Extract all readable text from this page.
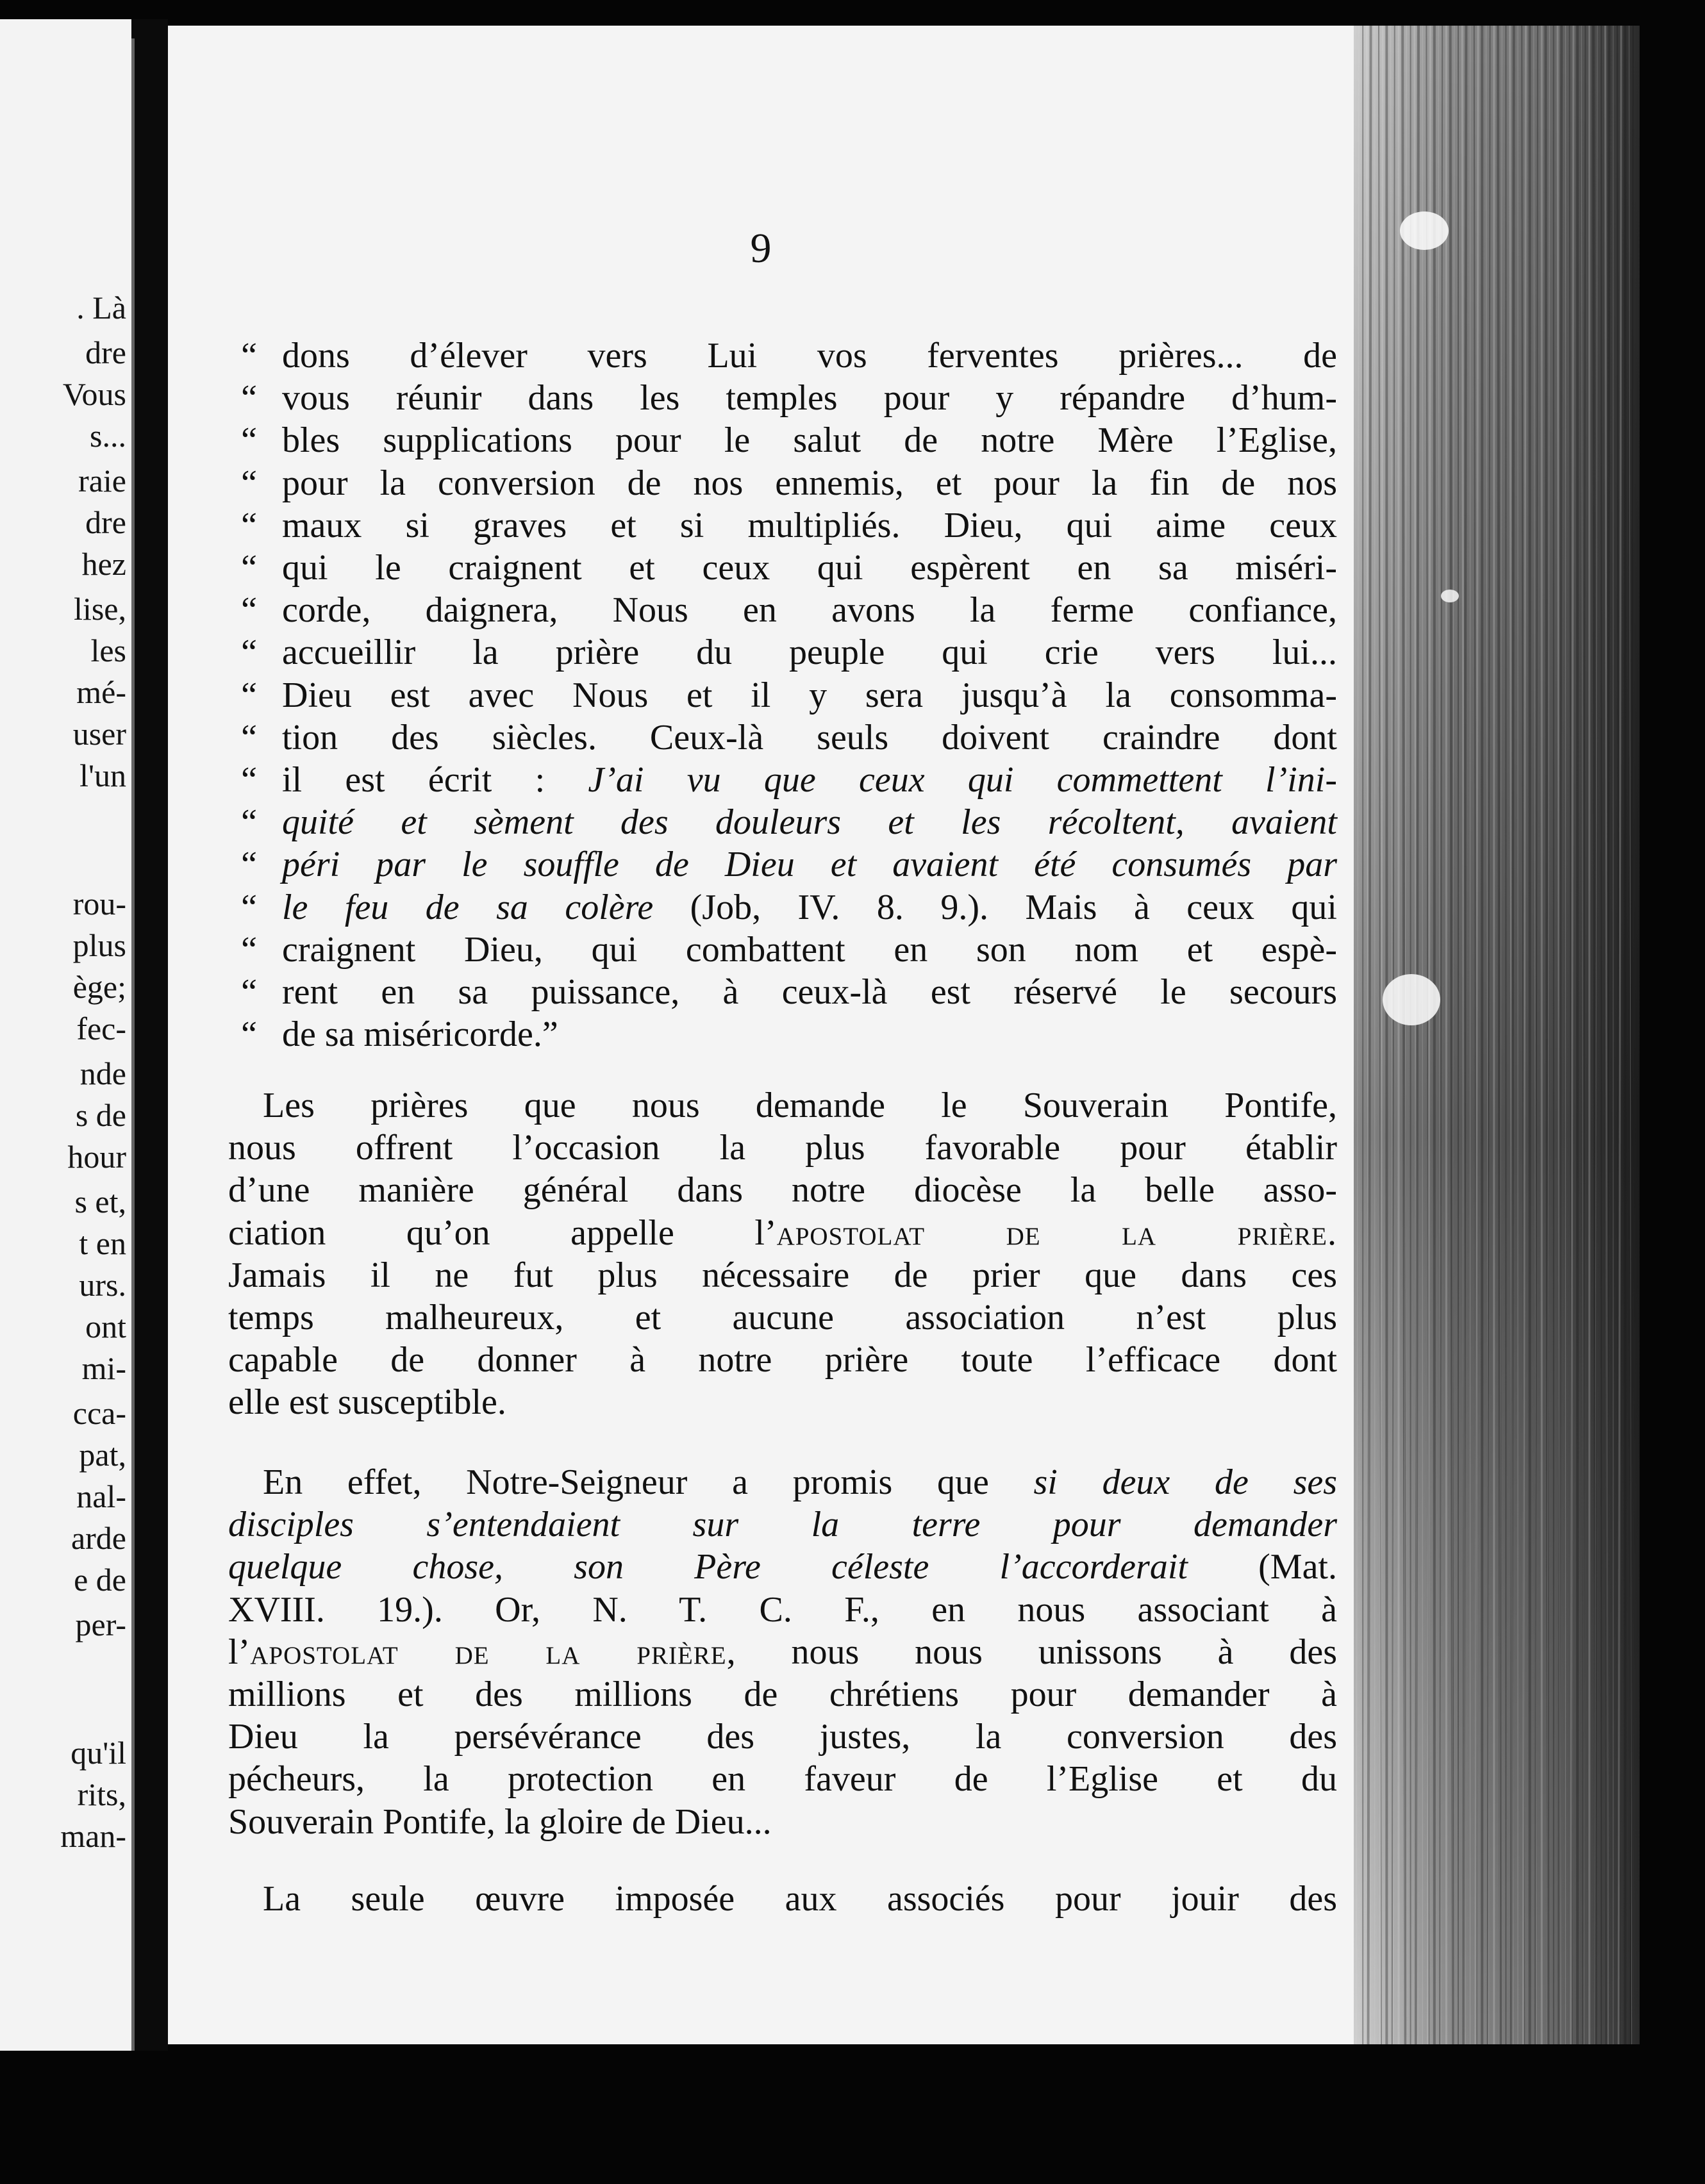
. Là
dre
Vous
s...
raie
dre
hez
lise,
les
mé-
user
l'un
rou-
plus
ège;
fec-
nde
s de
hour
s et,
t en
urs.
ont
mi-
cca-
pat,
nal-
arde
e de
per-
qu'il
rits,
man-
9
“ dons d’élever vers Lui vos ferventes prières... de
“ vous réunir dans les temples pour y répandre d’hum-
“ bles supplications pour le salut de notre Mère l’Eglise,
“ pour la conversion de nos ennemis, et pour la fin de nos
“ maux si graves et si multipliés. Dieu, qui aime ceux
“ qui le craignent et ceux qui espèrent en sa miséri-
“ corde, daignera, Nous en avons la ferme confiance,
“ accueillir la prière du peuple qui crie vers lui...
“ Dieu est avec Nous et il y sera jusqu’à la consomma-
“ tion des siècles. Ceux-là seuls doivent craindre dont
“ il est écrit : J’ai vu que ceux qui commettent l’ini-
“ quité et sèment des douleurs et les récoltent, avaient
“ péri par le souffle de Dieu et avaient été consumés par
“ le feu de sa colère (Job, IV. 8. 9.). Mais à ceux qui
“ craignent Dieu, qui combattent en son nom et espè-
“ rent en sa puissance, à ceux-là est réservé le secours
“ de sa miséricorde.”
Les prières que nous demande le Souverain Pontife,
nous offrent l’occasion la plus favorable pour établir
d’une manière général dans notre diocèse la belle asso-
ciation qu’on appelle l’apostolat de la prière.
Jamais il ne fut plus nécessaire de prier que dans ces
temps malheureux, et aucune association n’est plus
capable de donner à notre prière toute l’efficace dont
elle est susceptible.
En effet, Notre-Seigneur a promis que si deux de ses
disciples s’entendaient sur la terre pour demander
quelque chose, son Père céleste l’accorderait (Mat.
XVIII. 19.). Or, N. T. C. F., en nous associant à
l’apostolat de la prière, nous nous unissons à des
millions et des millions de chrétiens pour demander à
Dieu la persévérance des justes, la conversion des
pécheurs, la protection en faveur de l’Eglise et du
Souverain Pontife, la gloire de Dieu...
La seule œuvre imposée aux associés pour jouir des
